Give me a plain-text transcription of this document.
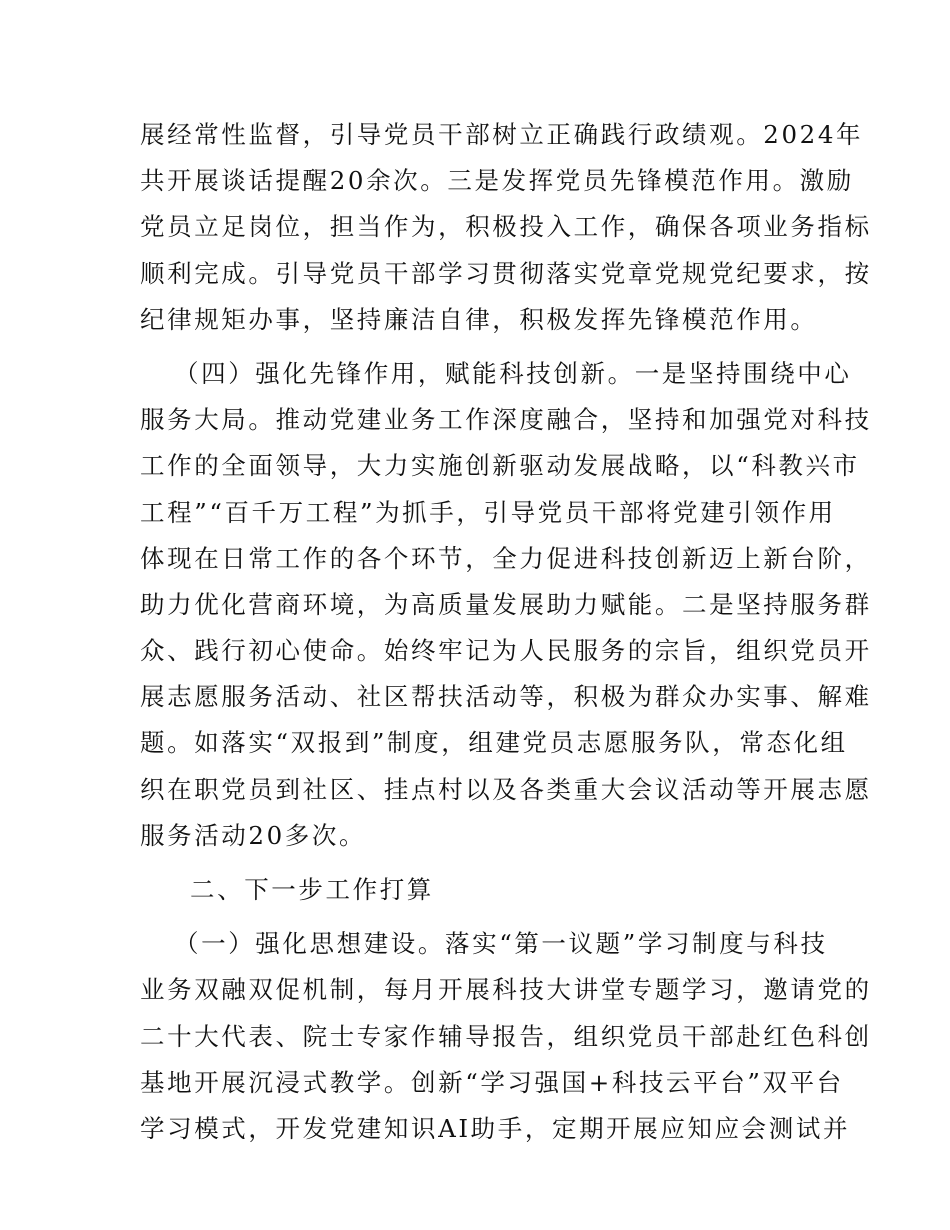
展经常性监督，引导党员干部树立正确践行政绩观。2024年
共开展谈话提醒20余次。三是发挥党员先锋模范作用。激励
党员立足岗位，担当作为，积极投入工作，确保各项业务指标
顺利完成。引导党员干部学习贯彻落实党章党规党纪要求，按
纪律规矩办事，坚持廉洁自律，积极发挥先锋模范作用。
（四）强化先锋作用，赋能科技创新。一是坚持围绕中心
服务大局。推动党建业务工作深度融合，坚持和加强党对科技
工作的全面领导，大力实施创新驱动发展战略，以“科教兴市
工程”“百千万工程”为抓手，引导党员干部将党建引领作用
体现在日常工作的各个环节，全力促进科技创新迈上新台阶，
助力优化营商环境，为高质量发展助力赋能。二是坚持服务群
众、践行初心使命。始终牢记为人民服务的宗旨，组织党员开
展志愿服务活动、社区帮扶活动等，积极为群众办实事、解难
题。如落实“双报到”制度，组建党员志愿服务队，常态化组
织在职党员到社区、挂点村以及各类重大会议活动等开展志愿
服务活动20多次。
二、下一步工作打算
（一）强化思想建设。落实“第一议题”学习制度与科技
业务双融双促机制，每月开展科技大讲堂专题学习，邀请党的
二十大代表、院士专家作辅导报告，组织党员干部赴红色科创
基地开展沉浸式教学。创新“学习强国+科技云平台”双平台
学习模式，开发党建知识AI助手，定期开展应知应会测试并
